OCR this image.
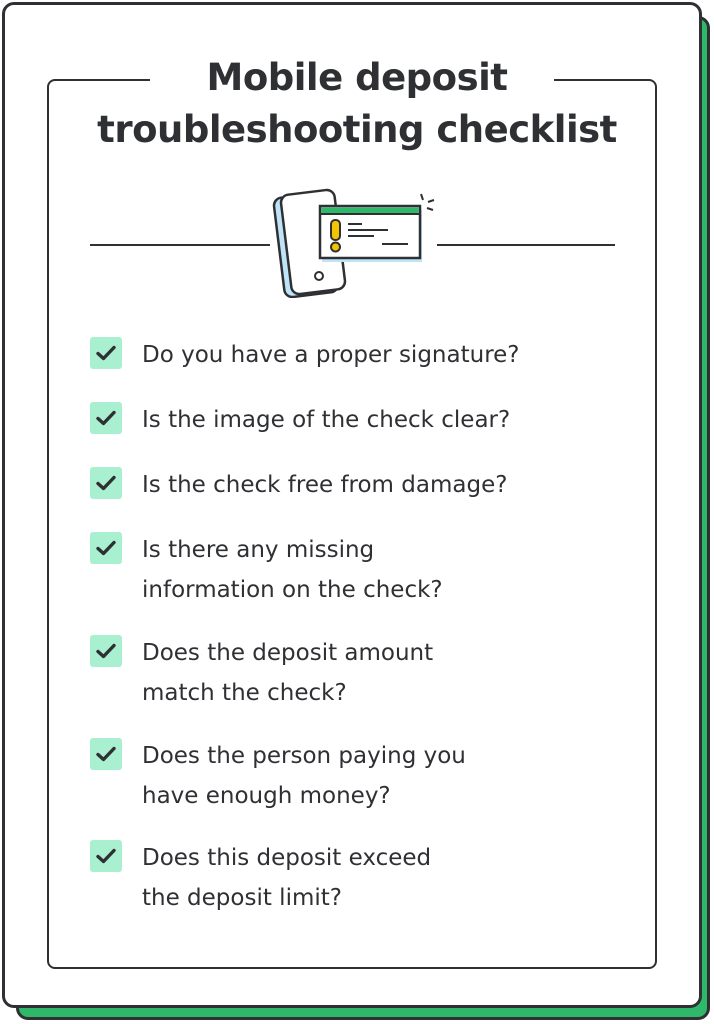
Mobile deposit
troubleshooting checklist
Do you have a proper signature?
Is the image of the check clear?
Is the check free from damage?
Is there any missing
information on the check?
Does the deposit amount
match the check?
Does the person paying you
have enough money?
Does this deposit exceed
the deposit limit?
